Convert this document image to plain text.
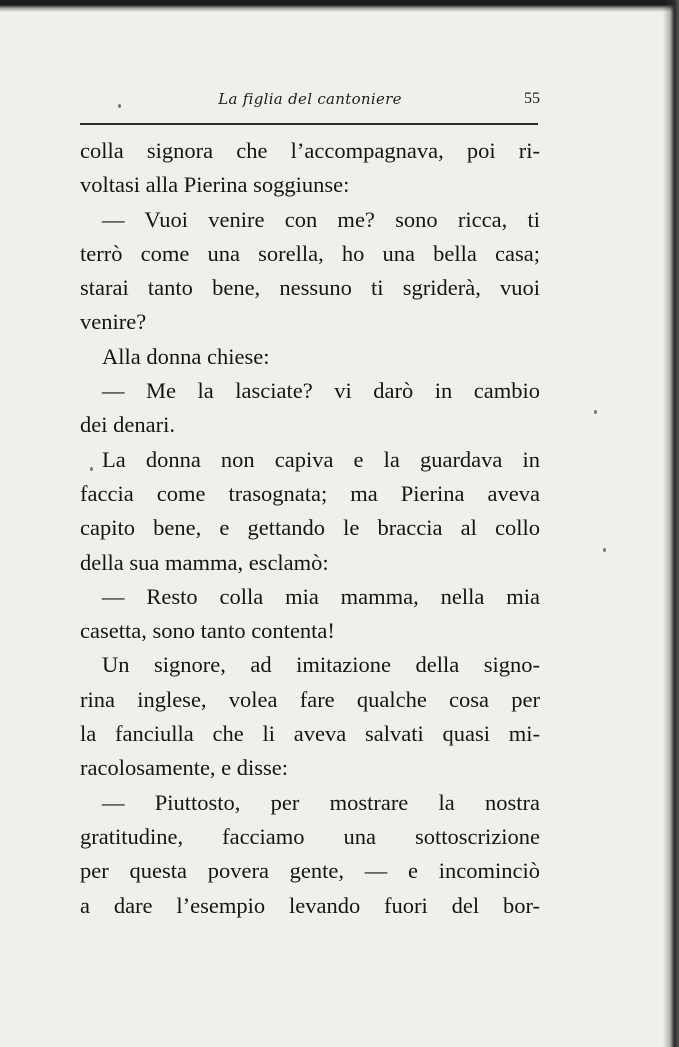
La figlia del cantoniere	55
colla signora che l’accompagnava, poi ri-
voltasi alla Pierina soggiunse:
— Vuoi venire con me? sono ricca, ti
terrò come una sorella, ho una bella casa;
starai tanto bene, nessuno ti sgriderà, vuoi
venire?
Alla donna chiese:
— Me la lasciate? vi darò in cambio
dei denari.
La donna non capiva e la guardava in
faccia come trasognata; ma Pierina aveva
capito bene, e gettando le braccia al collo
della sua mamma, esclamò:
— Resto colla mia mamma, nella mia
casetta, sono tanto contenta!
Un signore, ad imitazione della signo-
rina inglese, volea fare qualche cosa per
la fanciulla che li aveva salvati quasi mi-
racolosamente, e disse:
— Piuttosto, per mostrare la nostra
gratitudine, facciamo una sottoscrizione
per questa povera gente, — e incominciò
a dare l’esempio levando fuori del bor-
